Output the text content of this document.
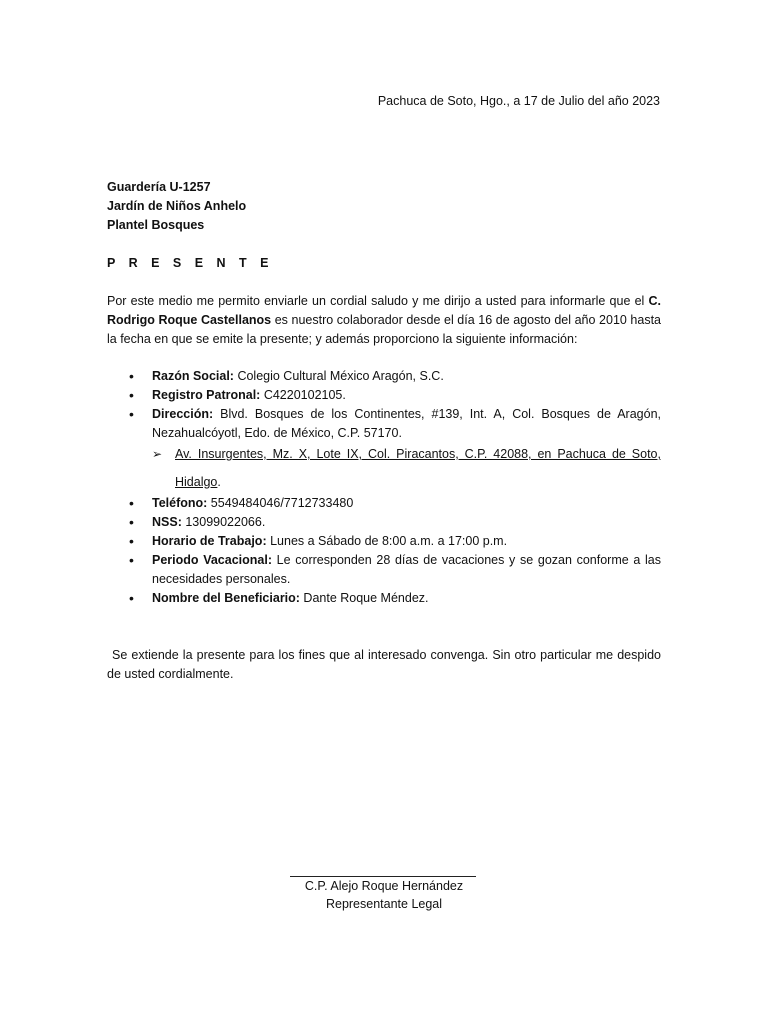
Pachuca de Soto, Hgo., a 17 de Julio del año 2023
Guardería U-1257
Jardín de Niños Anhelo
Plantel Bosques
P R E S E N T E
Por este medio me permito enviarle un cordial saludo y me dirijo a usted para informarle que el C. Rodrigo Roque Castellanos es nuestro colaborador desde el día 16 de agosto del año 2010 hasta la fecha en que se emite la presente; y además proporciono la siguiente información:
• Razón Social: Colegio Cultural México Aragón, S.C.
• Registro Patronal: C4220102105.
• Dirección: Blvd. Bosques de los Continentes, #139, Int. A, Col. Bosques de Aragón, Nezahualcóyotl, Edo. de México, C.P. 57170.
➢ Av. Insurgentes, Mz. X, Lote IX, Col. Piracantos, C.P. 42088, en Pachuca de Soto, Hidalgo.
• Teléfono: 5549484046/7712733480
• NSS: 13099022066.
• Horario de Trabajo: Lunes a Sábado de 8:00 a.m. a 17:00 p.m.
• Periodo Vacacional: Le corresponden 28 días de vacaciones y se gozan conforme a las necesidades personales.
• Nombre del Beneficiario: Dante Roque Méndez.
Se extiende la presente para los fines que al interesado convenga. Sin otro particular me despido de usted cordialmente.
C.P. Alejo Roque Hernández
Representante Legal
